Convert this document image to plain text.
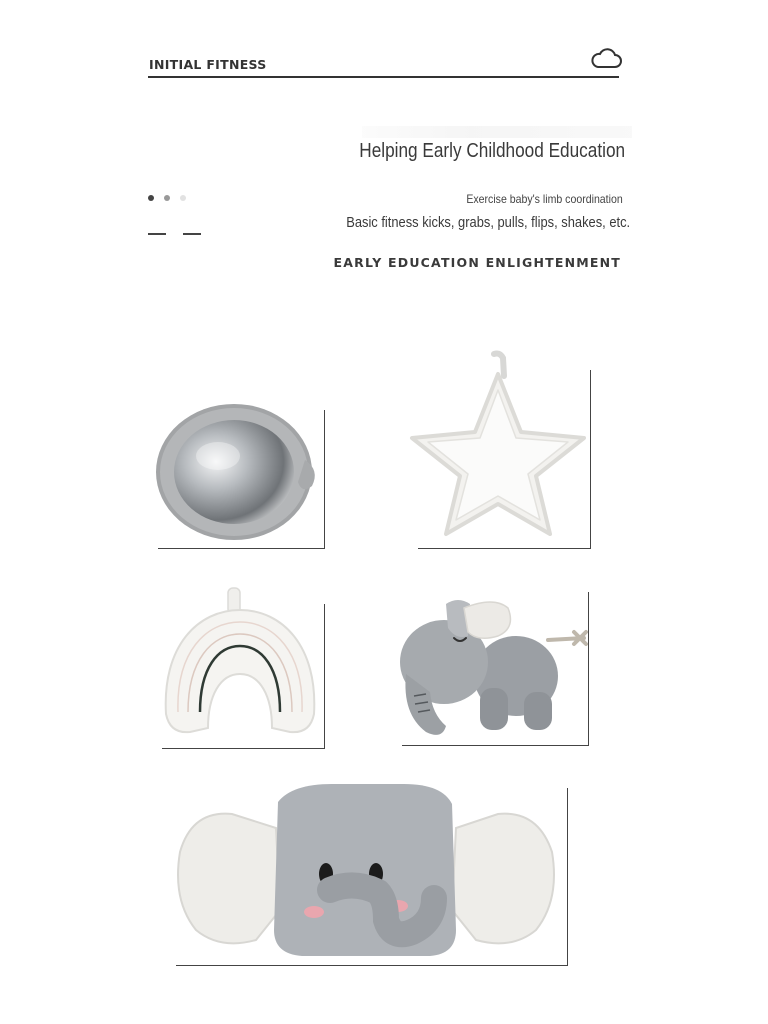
INITIAL FITNESS
Helping Early Childhood Education
Exercise baby's limb coordination
Basic fitness kicks, grabs, pulls, flips, shakes, etc.
EARLY EDUCATION ENLIGHTENMENT
